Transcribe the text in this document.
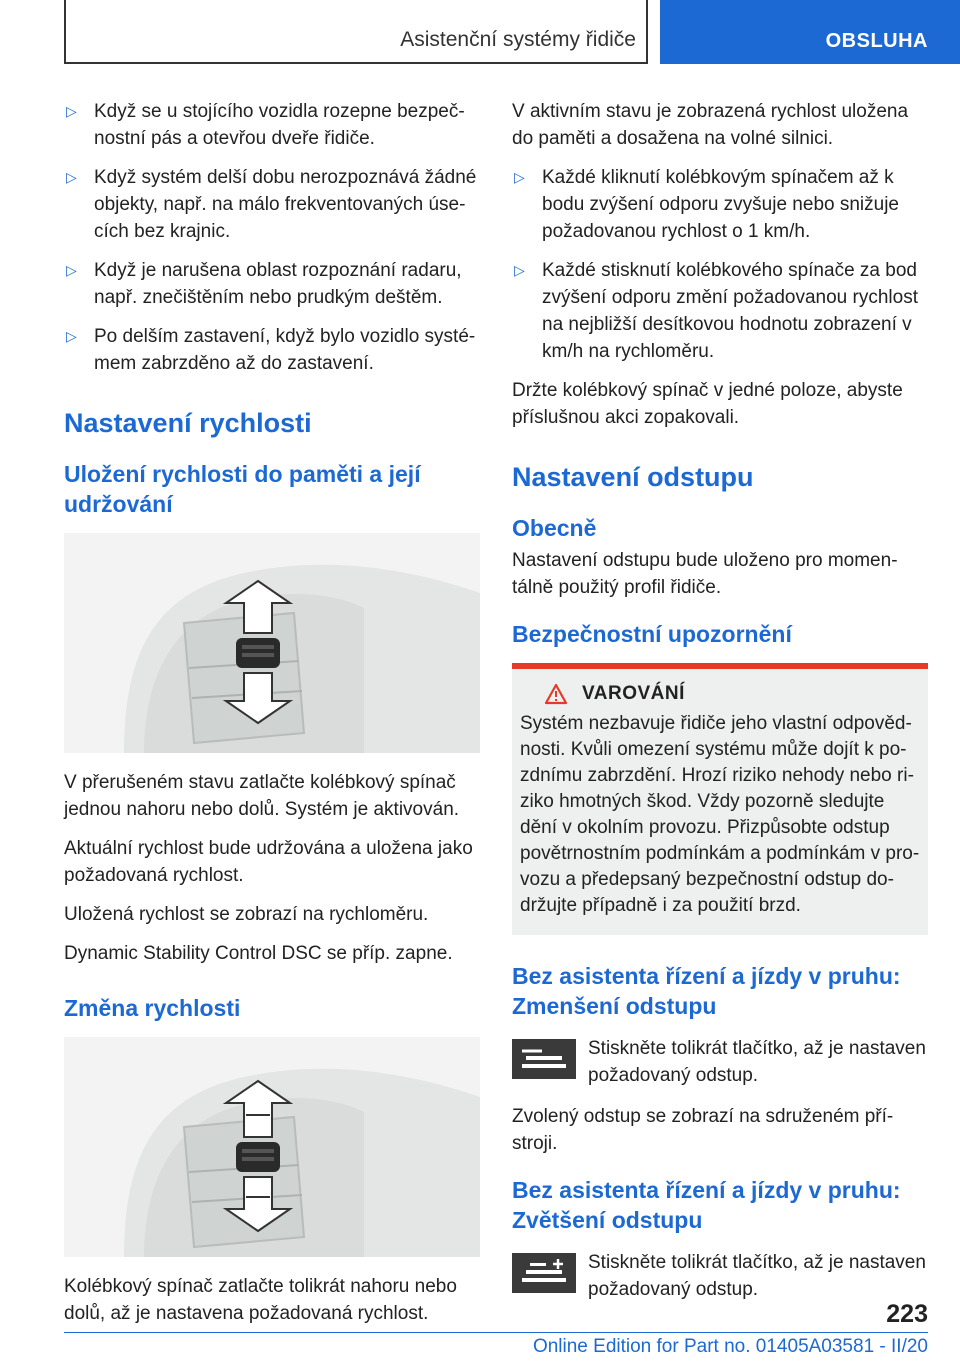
Asistenční systémy řidiče	OBSLUHA
▷ Když se u stojícího vozidla rozepne bezpeč‐ nostní pás a otevřou dveře řidiče.
▷ Když systém delší dobu nerozpoznává žádné objekty, např. na málo frekventovaných úse‐ cích bez krajnic.
▷ Když je narušena oblast rozpoznání radaru, např. znečištěním nebo prudkým deštěm.
▷ Po delším zastavení, když bylo vozidlo systé‐ mem zabrzděno až do zastavení.
Nastavení rychlosti
Uložení rychlosti do paměti a její udržování

V přerušeném stavu zatlačte kolébkový spínač jednou nahoru nebo dolů. Systém je aktivován.

Aktuální rychlost bude udržována a uložena jako požadovaná rychlost.

Uložená rychlost se zobrazí na rychloměru.

Dynamic Stability Control DSC se příp. zapne.

Změna rychlosti

Kolébkový spínač zatlačte tolikrát nahoru nebo dolů, až je nastavena požadovaná rychlost.

V aktivním stavu je zobrazená rychlost uložena do paměti a dosažena na volné silnici.

▷ Každé kliknutí kolébkovým spínačem až k bodu zvýšení odporu zvyšuje nebo snižuje požadovanou rychlost o 1 km/h.
▷ Každé stisknutí kolébkového spínače za bod zvýšení odporu změní požadovanou rychlost na nejbližší desítkovou hodnotu zobrazení v km/h na rychloměru.

Držte kolébkový spínač v jedné poloze, abyste příslušnou akci zopakovali.

Nastavení odstupu
Obecně

Nastavení odstupu bude uloženo pro momen‐ tálně použitý profil řidiče.

Bezpečnostní upozornění
VAROVÁNÍ

Systém nezbavuje řidiče jeho vlastní odpověd‐ nosti. Kvůli omezení systému může dojít k po‐ zdnímu zabrzdění. Hrozí riziko nehody nebo ri‐ ziko hmotných škod. Vždy pozorně sledujte dění v okolním provozu. Přizpůsobte odstup povětrnostním podmínkám a podmínkám v pro‐ vozu a předepsaný bezpečnostní odstup do‐ držujte případně i za použití brzd.

Bez asistenta řízení a jízdy v pruhu: Zmenšení odstupu

Stiskněte tolikrát tlačítko, až je nastaven požadovaný odstup.

Zvolený odstup se zobrazí na sdruženém pří‐ stroji.

Bez asistenta řízení a jízdy v pruhu: Zvětšení odstupu

Stiskněte tolikrát tlačítko, až je nastaven požadovaný odstup.

223
Online Edition for Part no. 01405A03581 - II/20
